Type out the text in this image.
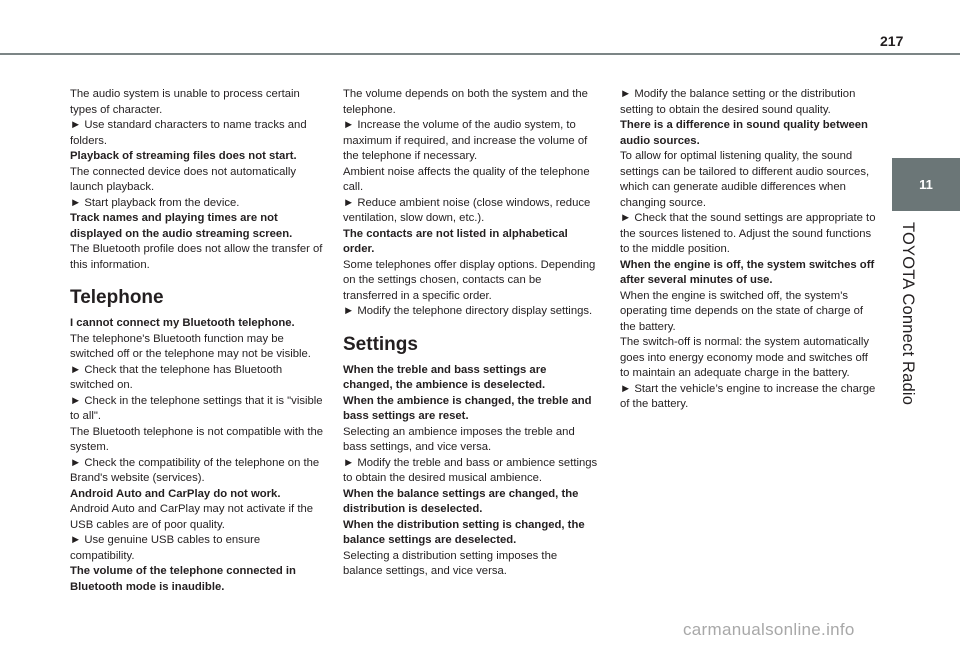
217
11
TOYOTA Connect Radio

The audio system is unable to process certain types of character.

► Use standard characters to name tracks and folders.

Playback of streaming files does not start.

The connected device does not automatically launch playback.

► Start playback from the device.

Track names and playing times are not displayed on the audio streaming screen.

The Bluetooth profile does not allow the transfer of this information.

Telephone

I cannot connect my Bluetooth telephone.

The telephone's Bluetooth function may be switched off or the telephone may not be visible.

► Check that the telephone has Bluetooth switched on.

► Check in the telephone settings that it is "visible to all".

The Bluetooth telephone is not compatible with the system.

► Check the compatibility of the telephone on the Brand's website (services).

Android Auto and CarPlay do not work.

Android Auto and CarPlay may not activate if the USB cables are of poor quality.

► Use genuine USB cables to ensure compatibility.

The volume of the telephone connected in Bluetooth mode is inaudible.

The volume depends on both the system and the telephone.

► Increase the volume of the audio system, to maximum if required, and increase the volume of the telephone if necessary.

Ambient noise affects the quality of the telephone call.

► Reduce ambient noise (close windows, reduce ventilation, slow down, etc.).

The contacts are not listed in alphabetical order.

Some telephones offer display options. Depending on the settings chosen, contacts can be transferred in a specific order.

► Modify the telephone directory display settings.

Settings

When the treble and bass settings are changed, the ambience is deselected.

When the ambience is changed, the treble and bass settings are reset.

Selecting an ambience imposes the treble and bass settings, and vice versa.

► Modify the treble and bass or ambience settings to obtain the desired musical ambience.

When the balance settings are changed, the distribution is deselected.

When the distribution setting is changed, the balance settings are deselected.

Selecting a distribution setting imposes the balance settings, and vice versa.

► Modify the balance setting or the distribution setting to obtain the desired sound quality.

There is a difference in sound quality between audio sources.

To allow for optimal listening quality, the sound settings can be tailored to different audio sources, which can generate audible differences when changing source.

► Check that the sound settings are appropriate to the sources listened to. Adjust the sound functions to the middle position.

When the engine is off, the system switches off after several minutes of use.

When the engine is switched off, the system's operating time depends on the state of charge of the battery.

The switch-off is normal: the system automatically goes into energy economy mode and switches off to maintain an adequate charge in the battery.

► Start the vehicle’s engine to increase the charge of the battery.

carmanualsonline.info
